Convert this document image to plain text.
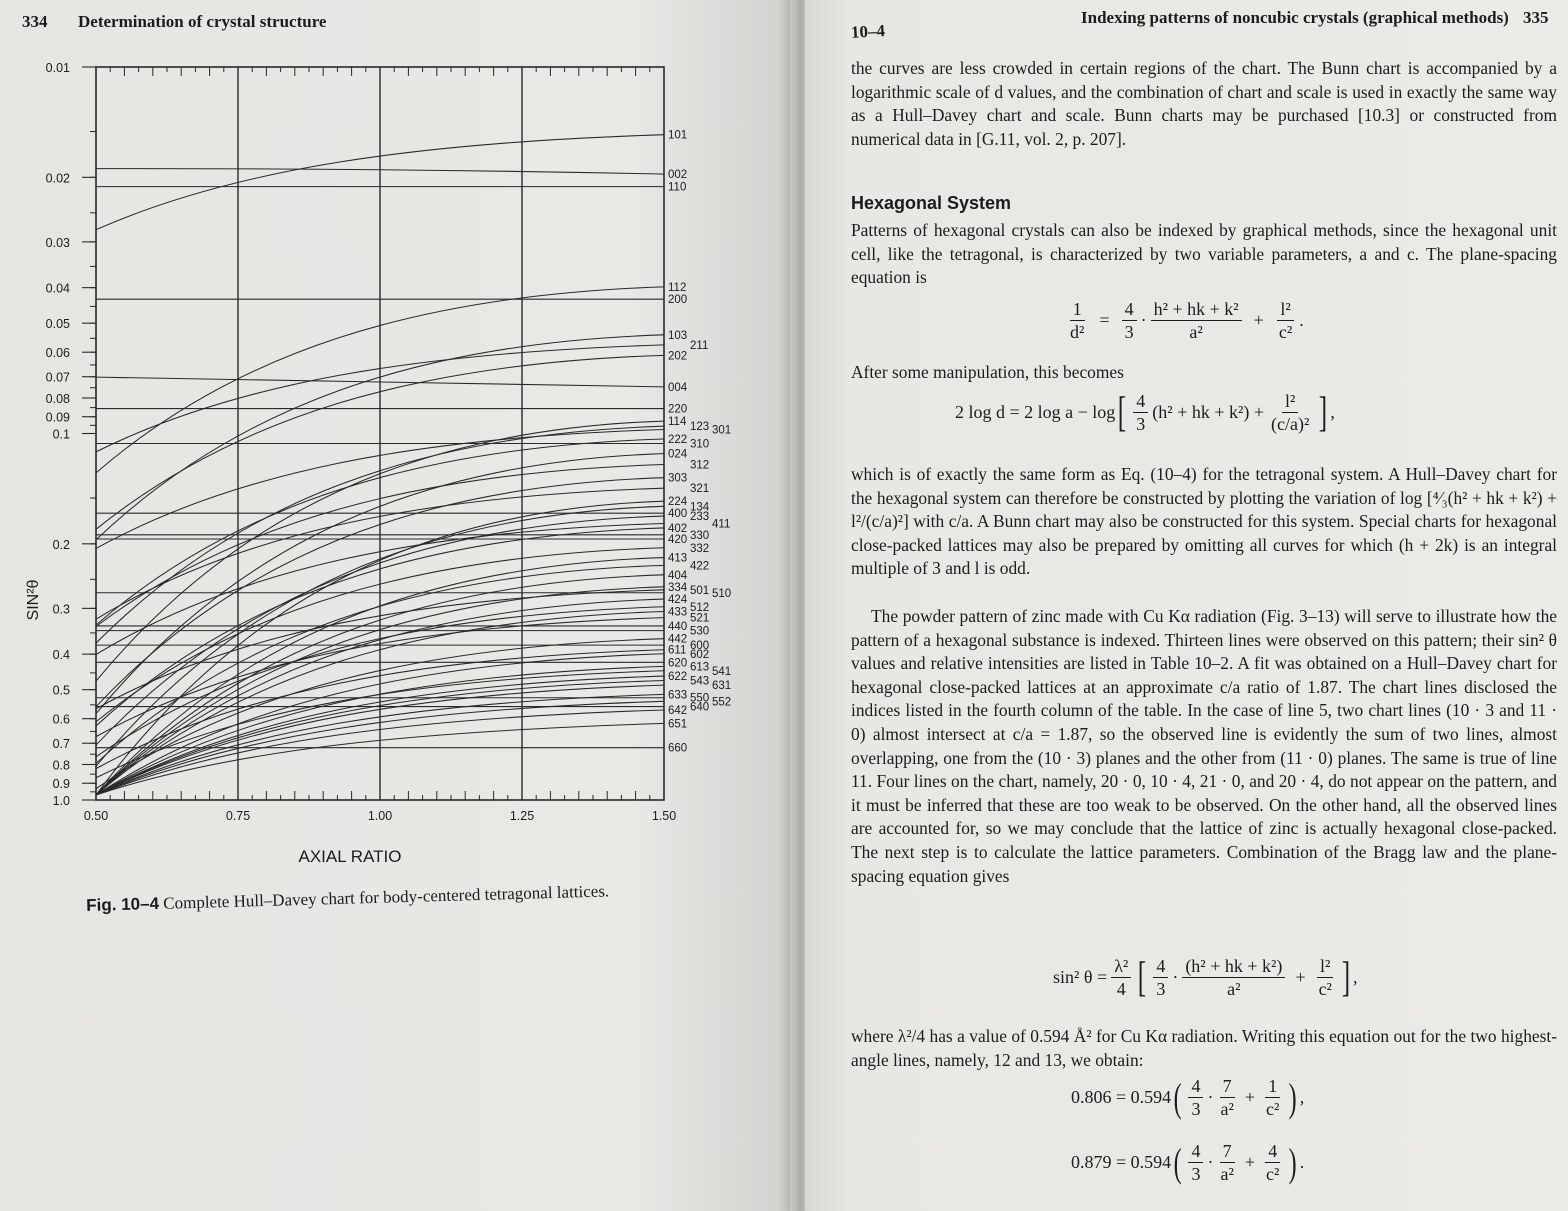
334 Determination of crystal structure
0.01
0.02
0.03
0.04
0.05
0.06
0.07
0.08
0.09
0.1
0.2
0.3
0.4
0.5
0.6
0.7
0.8
0.9
1.0
0.50	0.75	1.00	1.25	1.50
AXIAL RATIO
SIN²θ
101
002
110
112
200
103
211
202
004
220
114 123 301
222 310
024
312
303
321
224 134
400 233
411
402
330
420
332
413
422
404
334 501 510
424
512
433
521
440 530
442
600
611 602
620 613 541
622 543 631
633 550 552
642 640
651
660
Fig. 10–4 Complete Hull–Davey chart for body-centered tetragonal lattices.
10–4
Indexing patterns of noncubic crystals (graphical methods) 335

the curves are less crowded in certain regions of the chart. The Bunn chart is accompanied by a logarithmic scale of d values, and the combination of chart and scale is used in exactly the same way as a Hull–Davey chart and scale. Bunn charts may be purchased [10.3] or constructed from numerical data in [G.11, vol. 2, p. 207].

Hexagonal System

Patterns of hexagonal crystals can also be indexed by graphical methods, since the hexagonal unit cell, like the tetragonal, is characterized by two variable parameters, a and c. The plane-spacing equation is

$\frac{1}{\text{d²}} = \frac{4}{3} \cdot \frac{\text{h² + hk + k²}}{\text{a²}} + \frac{\text{l²}}{\text{c²}}$ .

After some manipulation, this becomes

2 log d = 2 log a − log [ $\frac{4}{3} (h^2$ + hk + $k^2) + \frac{\text{l²}}{\text{(c/a)²}}$ ] ,

which is of exactly the same form as Eq. (10–4) for the tetragonal system. A Hull–Davey chart for the hexagonal system can therefore be constructed by plotting the variation of log [⁴⁄₃(h² + hk + k²) + l²/(c/a)²] with c/a. A Bunn chart may also be constructed for this system. Special charts for hexagonal close-packed lattices may also be prepared by omitting all curves for which (h + 2k) is an integral multiple of 3 and l is odd.

The powder pattern of zinc made with Cu Kα radiation (Fig. 3–13) will serve to illustrate how the pattern of a hexagonal substance is indexed. Thirteen lines were observed on this pattern; their sin² θ values and relative intensities are listed in Table 10–2. A fit was obtained on a Hull–Davey chart for hexagonal close-packed lattices at an approximate c/a ratio of 1.87. The chart lines disclosed the indices listed in the fourth column of the table. In the case of line 5, two chart lines (10 · 3 and 11 · 0) almost intersect at c/a = 1.87, so the observed line is evidently the sum of two lines, almost overlapping, one from the (10 · 3) planes and the other from (11 · 0) planes. The same is true of line 11. Four lines on the chart, namely, 20 · 0, 10 · 4, 21 · 0, and 20 · 4, do not appear on the pattern, and it must be inferred that these are too weak to be observed. On the other hand, all the observed lines are accounted for, so we may conclude that the lattice of zinc is actually hexagonal close-packed. The next step is to calculate the lattice parameters. Combination of the Bragg law and the plane-spacing equation gives

sin² $\theta = \frac{\text{λ²}}{4}$ [ $\frac{4}{3} \cdot \frac{\text{(h² + hk + k²)}}{\text{a²}} + \frac{\text{l²}}{\text{c²}}$ ] ,

where λ²/4 has a value of 0.594 Å² for Cu Kα radiation. Writing this equation out for the two highest-angle lines, namely, 12 and 13, we obtain:

0.806 = 0.594 ( $\frac{4}{3} \cdot \frac{7}{\text{a²}} + \frac{1}{\text{c²}}$ ) ,
0.879 = 0.594 ( $\frac{4}{3} \cdot \frac{7}{\text{a²}} + \frac{4}{\text{c²}}$ ) .
